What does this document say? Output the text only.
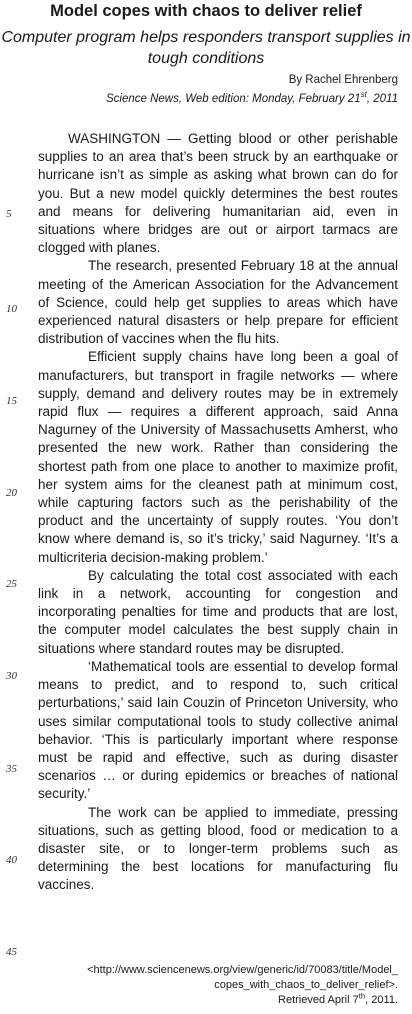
Model copes with chaos to deliver relief
Computer program helps responders transport supplies in tough conditions
By Rachel Ehrenberg
Science News, Web edition: Monday, February 21st, 2011
5
10
15
20
25
30
35
40
45

WASHINGTON — Getting blood or other perishable supplies to an area that’s been struck by an earthquake or hurricane isn’t as simple as asking what brown can do for you. But a new model quickly determines the best routes and means for delivering humanitarian aid, even in situations where bridges are out or airport tarmacs are clogged with planes.

The research, presented February 18 at the annual meeting of the American Association for the Advancement of Science, could help get supplies to areas which have experienced natural disasters or help prepare for efficient distribution of vaccines when the flu hits.

Efficient supply chains have long been a goal of manufacturers, but transport in fragile networks — where supply, demand and delivery routes may be in extremely rapid flux — requires a different approach, said Anna Nagurney of the University of Massachusetts Amherst, who presented the new work. Rather than considering the shortest path from one place to another to maximize profit, her system aims for the cleanest path at minimum cost, while capturing factors such as the perishability of the product and the uncertainty of supply routes. ‘You don’t know where demand is, so it’s tricky,’ said Nagurney. ‘It’s a multicriteria decision-making problem.’

By calculating the total cost associated with each link in a network, accounting for congestion and incorporating penalties for time and products that are lost, the computer model calculates the best supply chain in situations where standard routes may be disrupted.

‘Mathematical tools are essential to develop formal means to predict, and to respond to, such critical perturbations,’ said Iain Couzin of Princeton University, who uses similar computational tools to study collective animal behavior. ‘This is particularly important where response must be rapid and effective, such as during disaster scenarios … or during epidemics or breaches of national security.’

The work can be applied to immediate, pressing situations, such as getting blood, food or medication to a disaster site, or to longer-term problems such as determining the best locations for manufacturing flu vaccines.

<http://www.sciencenews.org/view/generic/id/70083/title/Model_
copes_with_chaos_to_deliver_relief>.
Retrieved April 7th, 2011.
